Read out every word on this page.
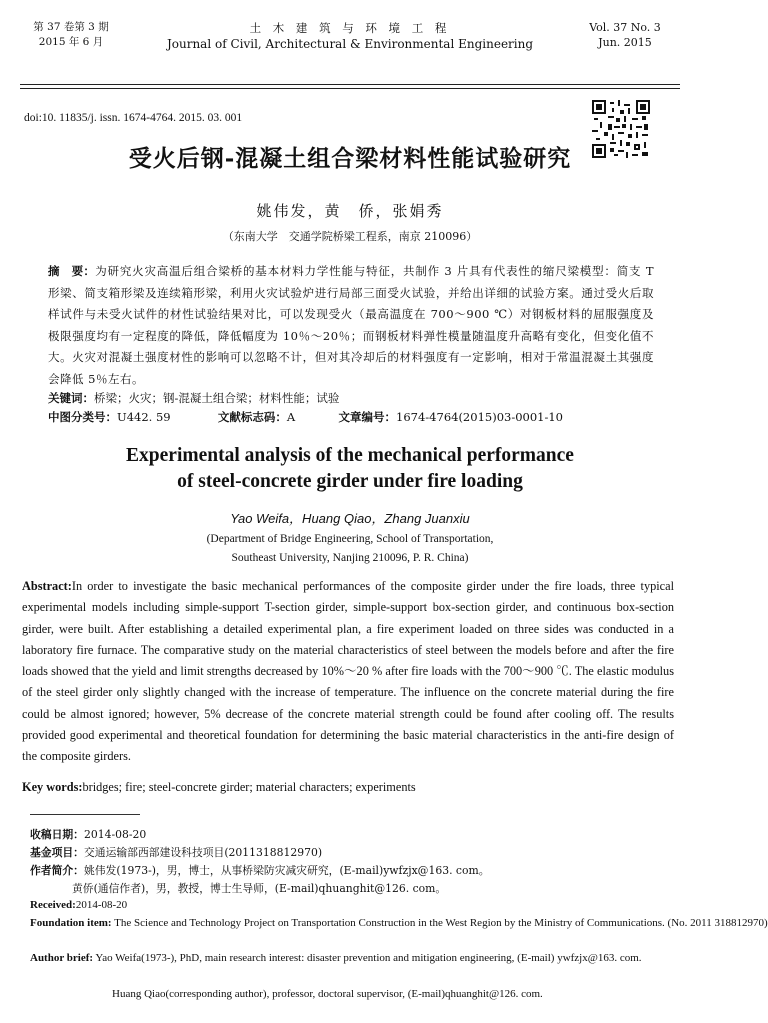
第 37 卷第 3 期
2015 年 6 月
土 木 建 筑 与 环 境 工 程
Journal of Civil, Architectural & Environmental Engineering
Vol. 37 No. 3
Jun. 2015
doi:10. 11835/j. issn. 1674-4764. 2015. 03. 001
受火后钢-混凝土组合梁材料性能试验研究
姚伟发，黄　侨，张娟秀
（东南大学　交通学院桥梁工程系，南京 210096）
摘　要：为研究火灾高温后组合梁桥的基本材料力学性能与特征，共制作 3 片具有代表性的缩尺梁模型：简支 T 形梁、简支箱形梁及连续箱形梁，利用火灾试验炉进行局部三面受火试验，并给出详细的试验方案。通过受火后取样试件与未受火试件的材性试验结果对比，可以发现受火（最高温度在 700～900 ℃）对钢板材料的屈服强度及极限强度均有一定程度的降低，降低幅度为 10％～20％；而钢板材料弹性模量随温度升高略有变化，但变化值不大。火灾对混凝土强度材性的影响可以忽略不计，但对其冷却后的材料强度有一定影响，相对于常温混凝土其强度会降低 5％左右。
关键词：桥梁；火灾；钢-混凝土组合梁；材料性能；试验
中图分类号：U442. 59	文献标志码：A	文章编号：1674-4764(2015)03-0001-10
Experimental analysis of the mechanical performance
of steel-concrete girder under fire loading
Yao Weifa，Huang Qiao，Zhang Juanxiu
(Department of Bridge Engineering, School of Transportation,
Southeast University, Nanjing 210096, P. R. China)
Abstract:In order to investigate the basic mechanical performances of the composite girder under the fire loads, three typical experimental models including simple-support T-section girder, simple-support box-section girder, and continuous box-section girder, were built. After establishing a detailed experimental plan, a fire experiment loaded on three sides was conducted in a laboratory fire furnace. The comparative study on the material characteristics of steel between the models before and after the fire loads showed that the yield and limit strengths decreased by 10%～20 % after fire loads with the 700～900 ℃. The elastic modulus of the steel girder only slightly changed with the increase of temperature. The influence on the concrete material during the fire could be almost ignored; however, 5% decrease of the concrete material strength could be found after cooling off. The results provided good experimental and theoretical foundation for determining the basic material characteristics in the anti-fire design of the composite girders.
Key words:bridges; fire; steel-concrete girder; material characters; experiments
收稿日期：2014-08-20
基金项目：交通运输部西部建设科技项目(2011318812970)
作者简介：姚伟发(1973-)，男，博士，从事桥梁防灾减灾研究，(E-mail)ywfzjx@163. com。
黄侨(通信作者)，男，教授，博士生导师，(E-mail)qhuanghit@126. com。
Received:2014-08-20
Foundation item: The Science and Technology Project on Transportation Construction in the West Region by the Ministry of Communications. (No. 2011 318812970)
Author brief: Yao Weifa(1973-), PhD, main research interest: disaster prevention and mitigation engineering, (E-mail) ywfzjx@163. com.
Huang Qiao(corresponding author), professor, doctoral supervisor, (E-mail)qhuanghit@126. com.
